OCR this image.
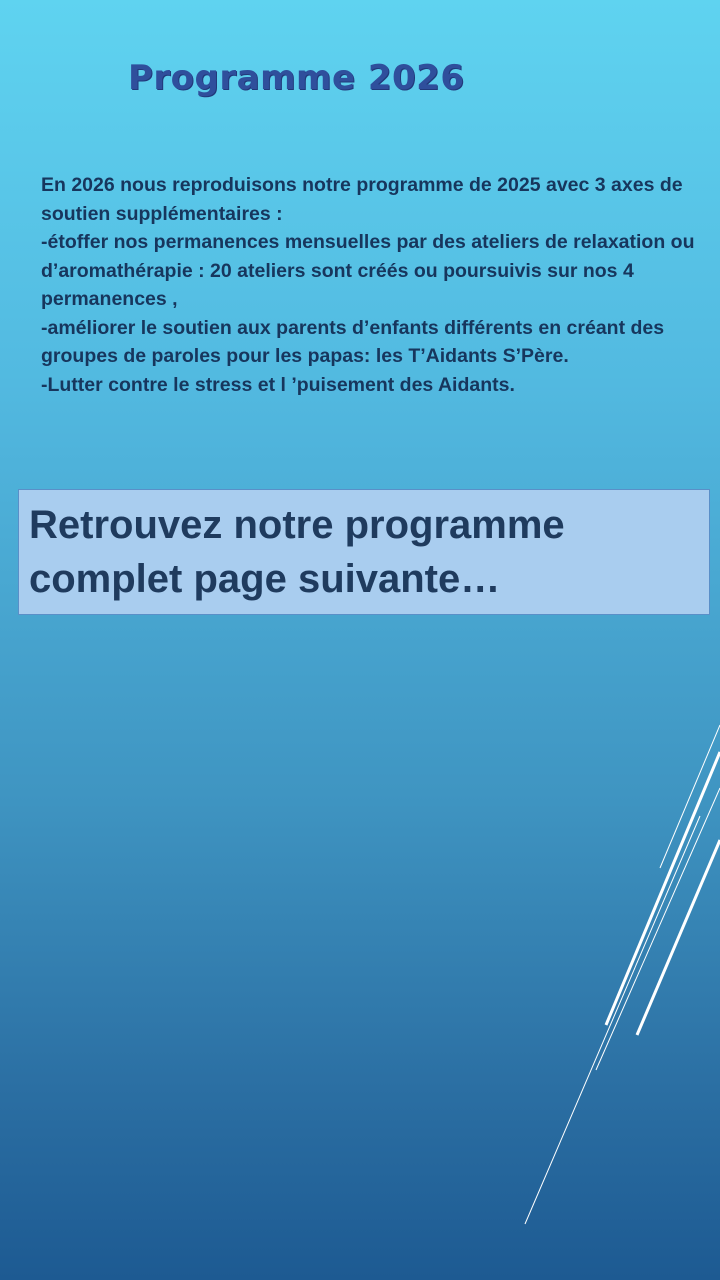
Programme 2026

En 2026 nous reproduisons notre programme de 2025 avec 3 axes de soutien supplémentaires :

-étoffer nos permanences mensuelles par des ateliers de relaxation ou d’aromathérapie : 20 ateliers sont créés ou poursuivis sur nos 4 permanences ,

-améliorer le soutien aux parents d’enfants différents en créant des groupes de paroles pour les papas: les T’Aidants S’Père.

-Lutter contre le stress et l ’puisement des Aidants.

Retrouvez notre programme
complet page suivante…
